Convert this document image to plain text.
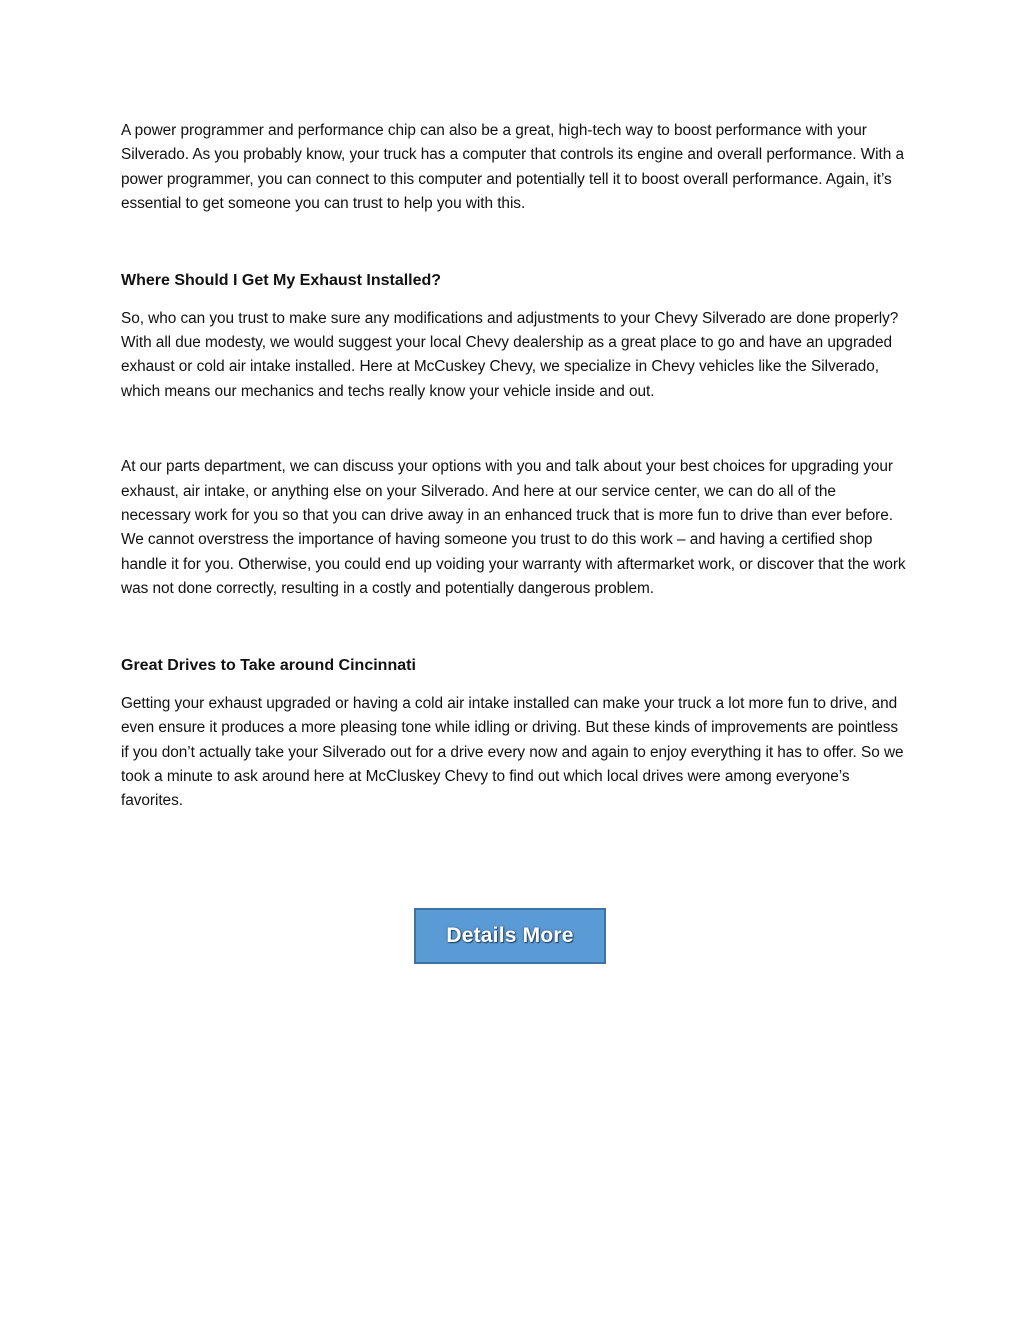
A power programmer and performance chip can also be a great, high-tech way to boost performance with your Silverado. As you probably know, your truck has a computer that controls its engine and overall performance. With a power programmer, you can connect to this computer and potentially tell it to boost overall performance. Again, it’s essential to get someone you can trust to help you with this.

Where Should I Get My Exhaust Installed?

So, who can you trust to make sure any modifications and adjustments to your Chevy Silverado are done properly? With all due modesty, we would suggest your local Chevy dealership as a great place to go and have an upgraded exhaust or cold air intake installed. Here at McCuskey Chevy, we specialize in Chevy vehicles like the Silverado, which means our mechanics and techs really know your vehicle inside and out.

At our parts department, we can discuss your options with you and talk about your best choices for upgrading your exhaust, air intake, or anything else on your Silverado. And here at our service center, we can do all of the necessary work for you so that you can drive away in an enhanced truck that is more fun to drive than ever before. We cannot overstress the importance of having someone you trust to do this work – and having a certified shop handle it for you. Otherwise, you could end up voiding your warranty with aftermarket work, or discover that the work was not done correctly, resulting in a costly and potentially dangerous problem.

Great Drives to Take around Cincinnati

Getting your exhaust upgraded or having a cold air intake installed can make your truck a lot more fun to drive, and even ensure it produces a more pleasing tone while idling or driving. But these kinds of improvements are pointless if you don’t actually take your Silverado out for a drive every now and again to enjoy everything it has to offer. So we took a minute to ask around here at McCluskey Chevy to find out which local drives were among everyone’s favorites.

Details More
